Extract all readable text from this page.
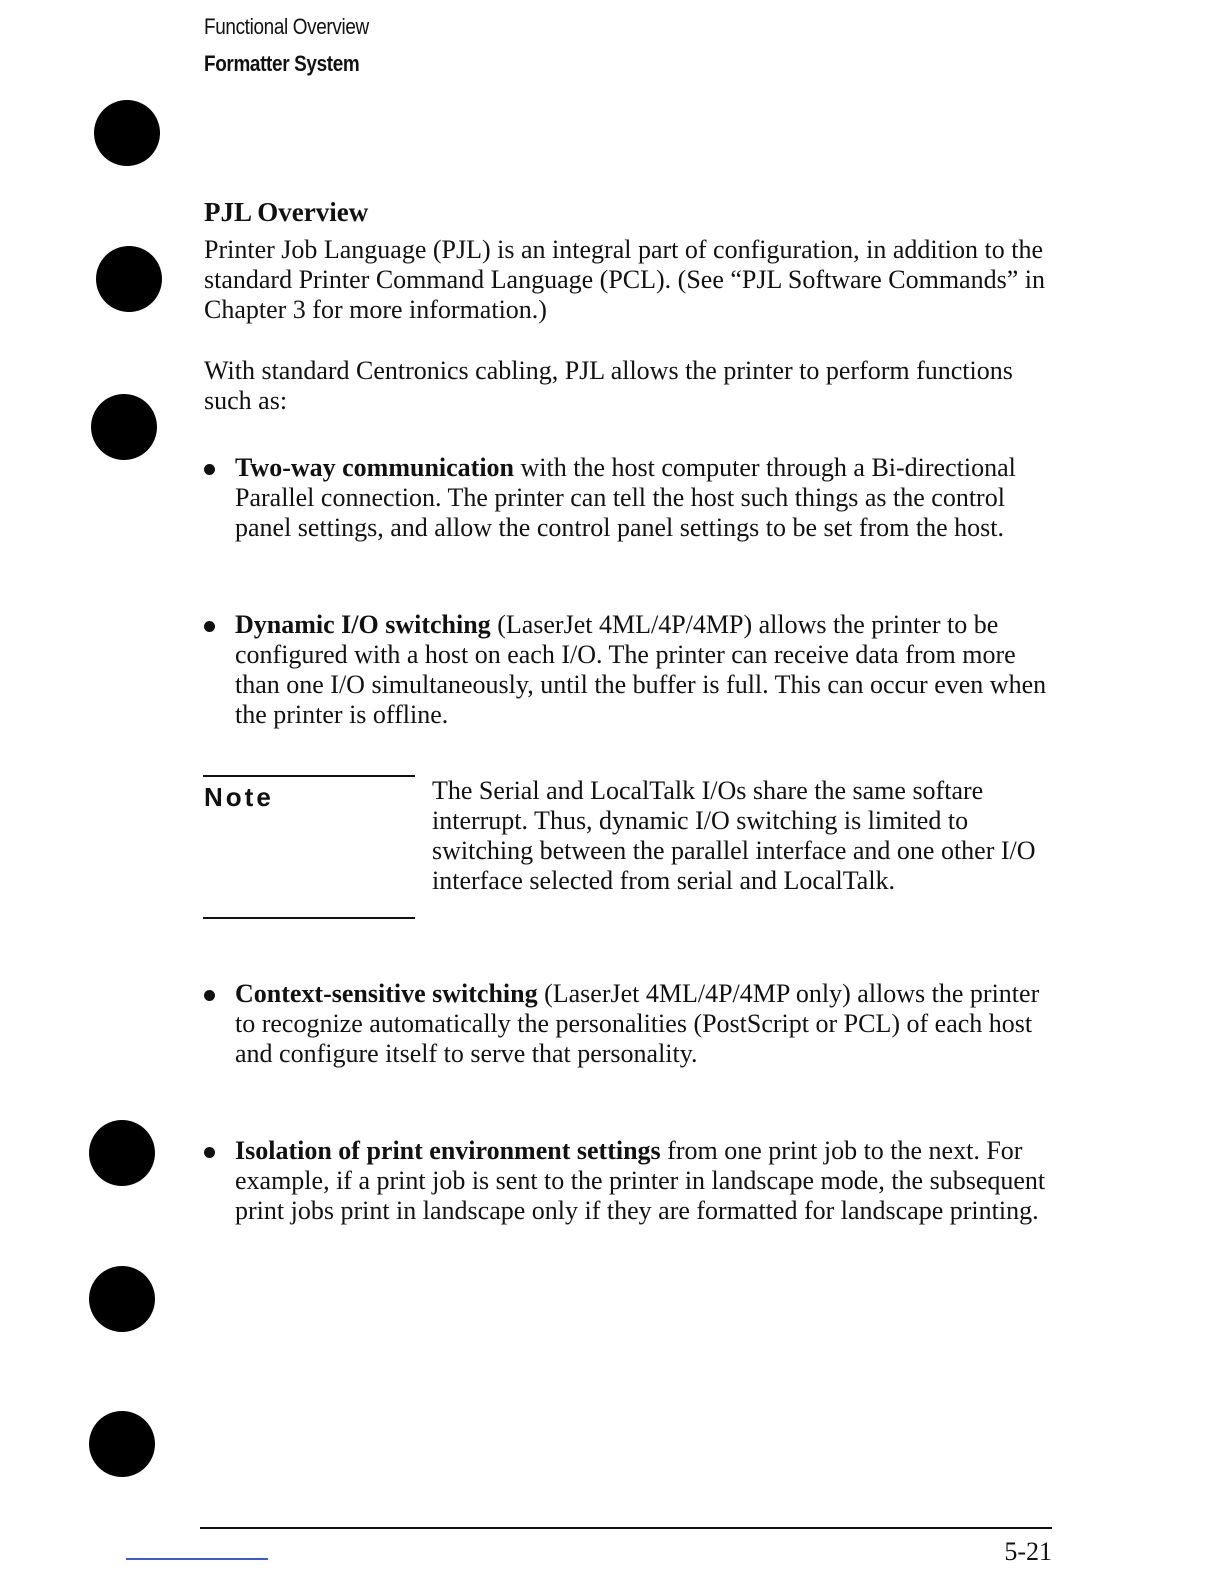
Functional Overview
Formatter System
PJL Overview

Printer Job Language (PJL) is an integral part of configuration, in addition to the standard Printer Command Language (PCL). (See “PJL Software Commands” in Chapter 3 for more information.)

With standard Centronics cabling, PJL allows the printer to perform functions such as:

Two-way communication with the host computer through a Bi-directional Parallel connection. The printer can tell the host such things as the control panel settings, and allow the control panel settings to be set from the host.
Dynamic I/O switching (LaserJet 4ML/4P/4MP) allows the printer to be configured with a host on each I/O. The printer can receive data from more than one I/O simultaneously, until the buffer is full. This can occur even when the printer is offline.
Note	The Serial and LocalTalk I/Os share the same softare interrupt. Thus, dynamic I/O switching is limited to switching between the parallel interface and one other I/O interface selected from serial and LocalTalk.

Context-sensitive switching (LaserJet 4ML/4P/4MP only) allows the printer to recognize automatically the personalities (PostScript or PCL) of each host and configure itself to serve that personality.
Isolation of print environment settings from one print job to the next. For example, if a print job is sent to the printer in landscape mode, the subsequent print jobs print in landscape only if they are formatted for landscape printing.
5-21
